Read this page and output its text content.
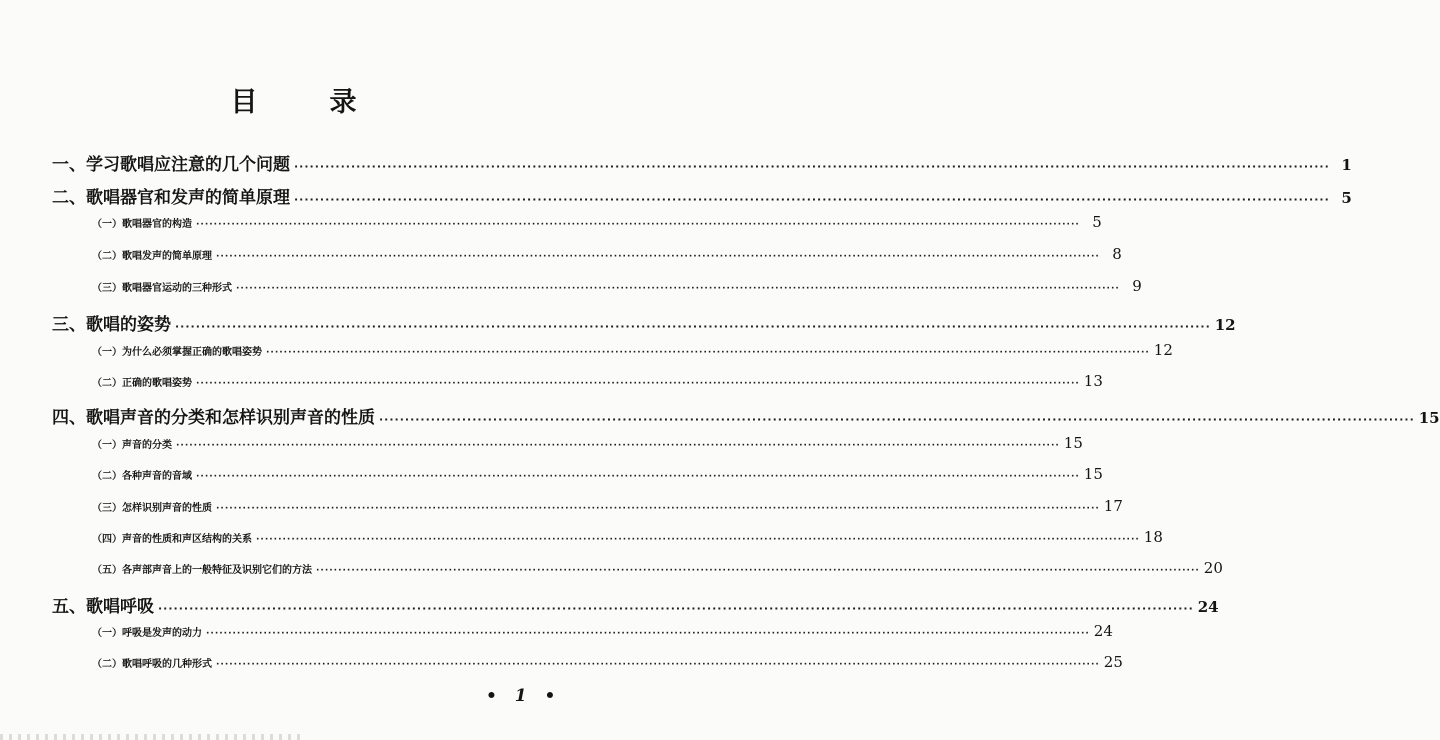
目	录
一、学习歌唱应注意的几个问题 ········································································································································································································ 1
二、歌唱器官和发声的简单原理 ········································································································································································································ 5
（一）歌唱器官的构造 ········································································································································································································ 5
（二）歌唱发声的简单原理 ········································································································································································································ 8
（三）歌唱器官运动的三种形式 ········································································································································································································ 9
三、歌唱的姿势 ········································································································································································································ 12
（一）为什么必须掌握正确的歌唱姿势 ········································································································································································································ 12
（二）正确的歌唱姿势 ········································································································································································································ 13
四、歌唱声音的分类和怎样识别声音的性质 ········································································································································································································ 15
（一）声音的分类 ········································································································································································································ 15
（二）各种声音的音域 ········································································································································································································ 15
（三）怎样识别声音的性质 ········································································································································································································ 17
（四）声音的性质和声区结构的关系 ········································································································································································································ 18
（五）各声部声音上的一般特征及识别它们的方法 ········································································································································································································ 20
五、歌唱呼吸 ········································································································································································································ 24
（一）呼吸是发声的动力 ········································································································································································································ 24
（二）歌唱呼吸的几种形式 ········································································································································································································ 25
• 1 •
